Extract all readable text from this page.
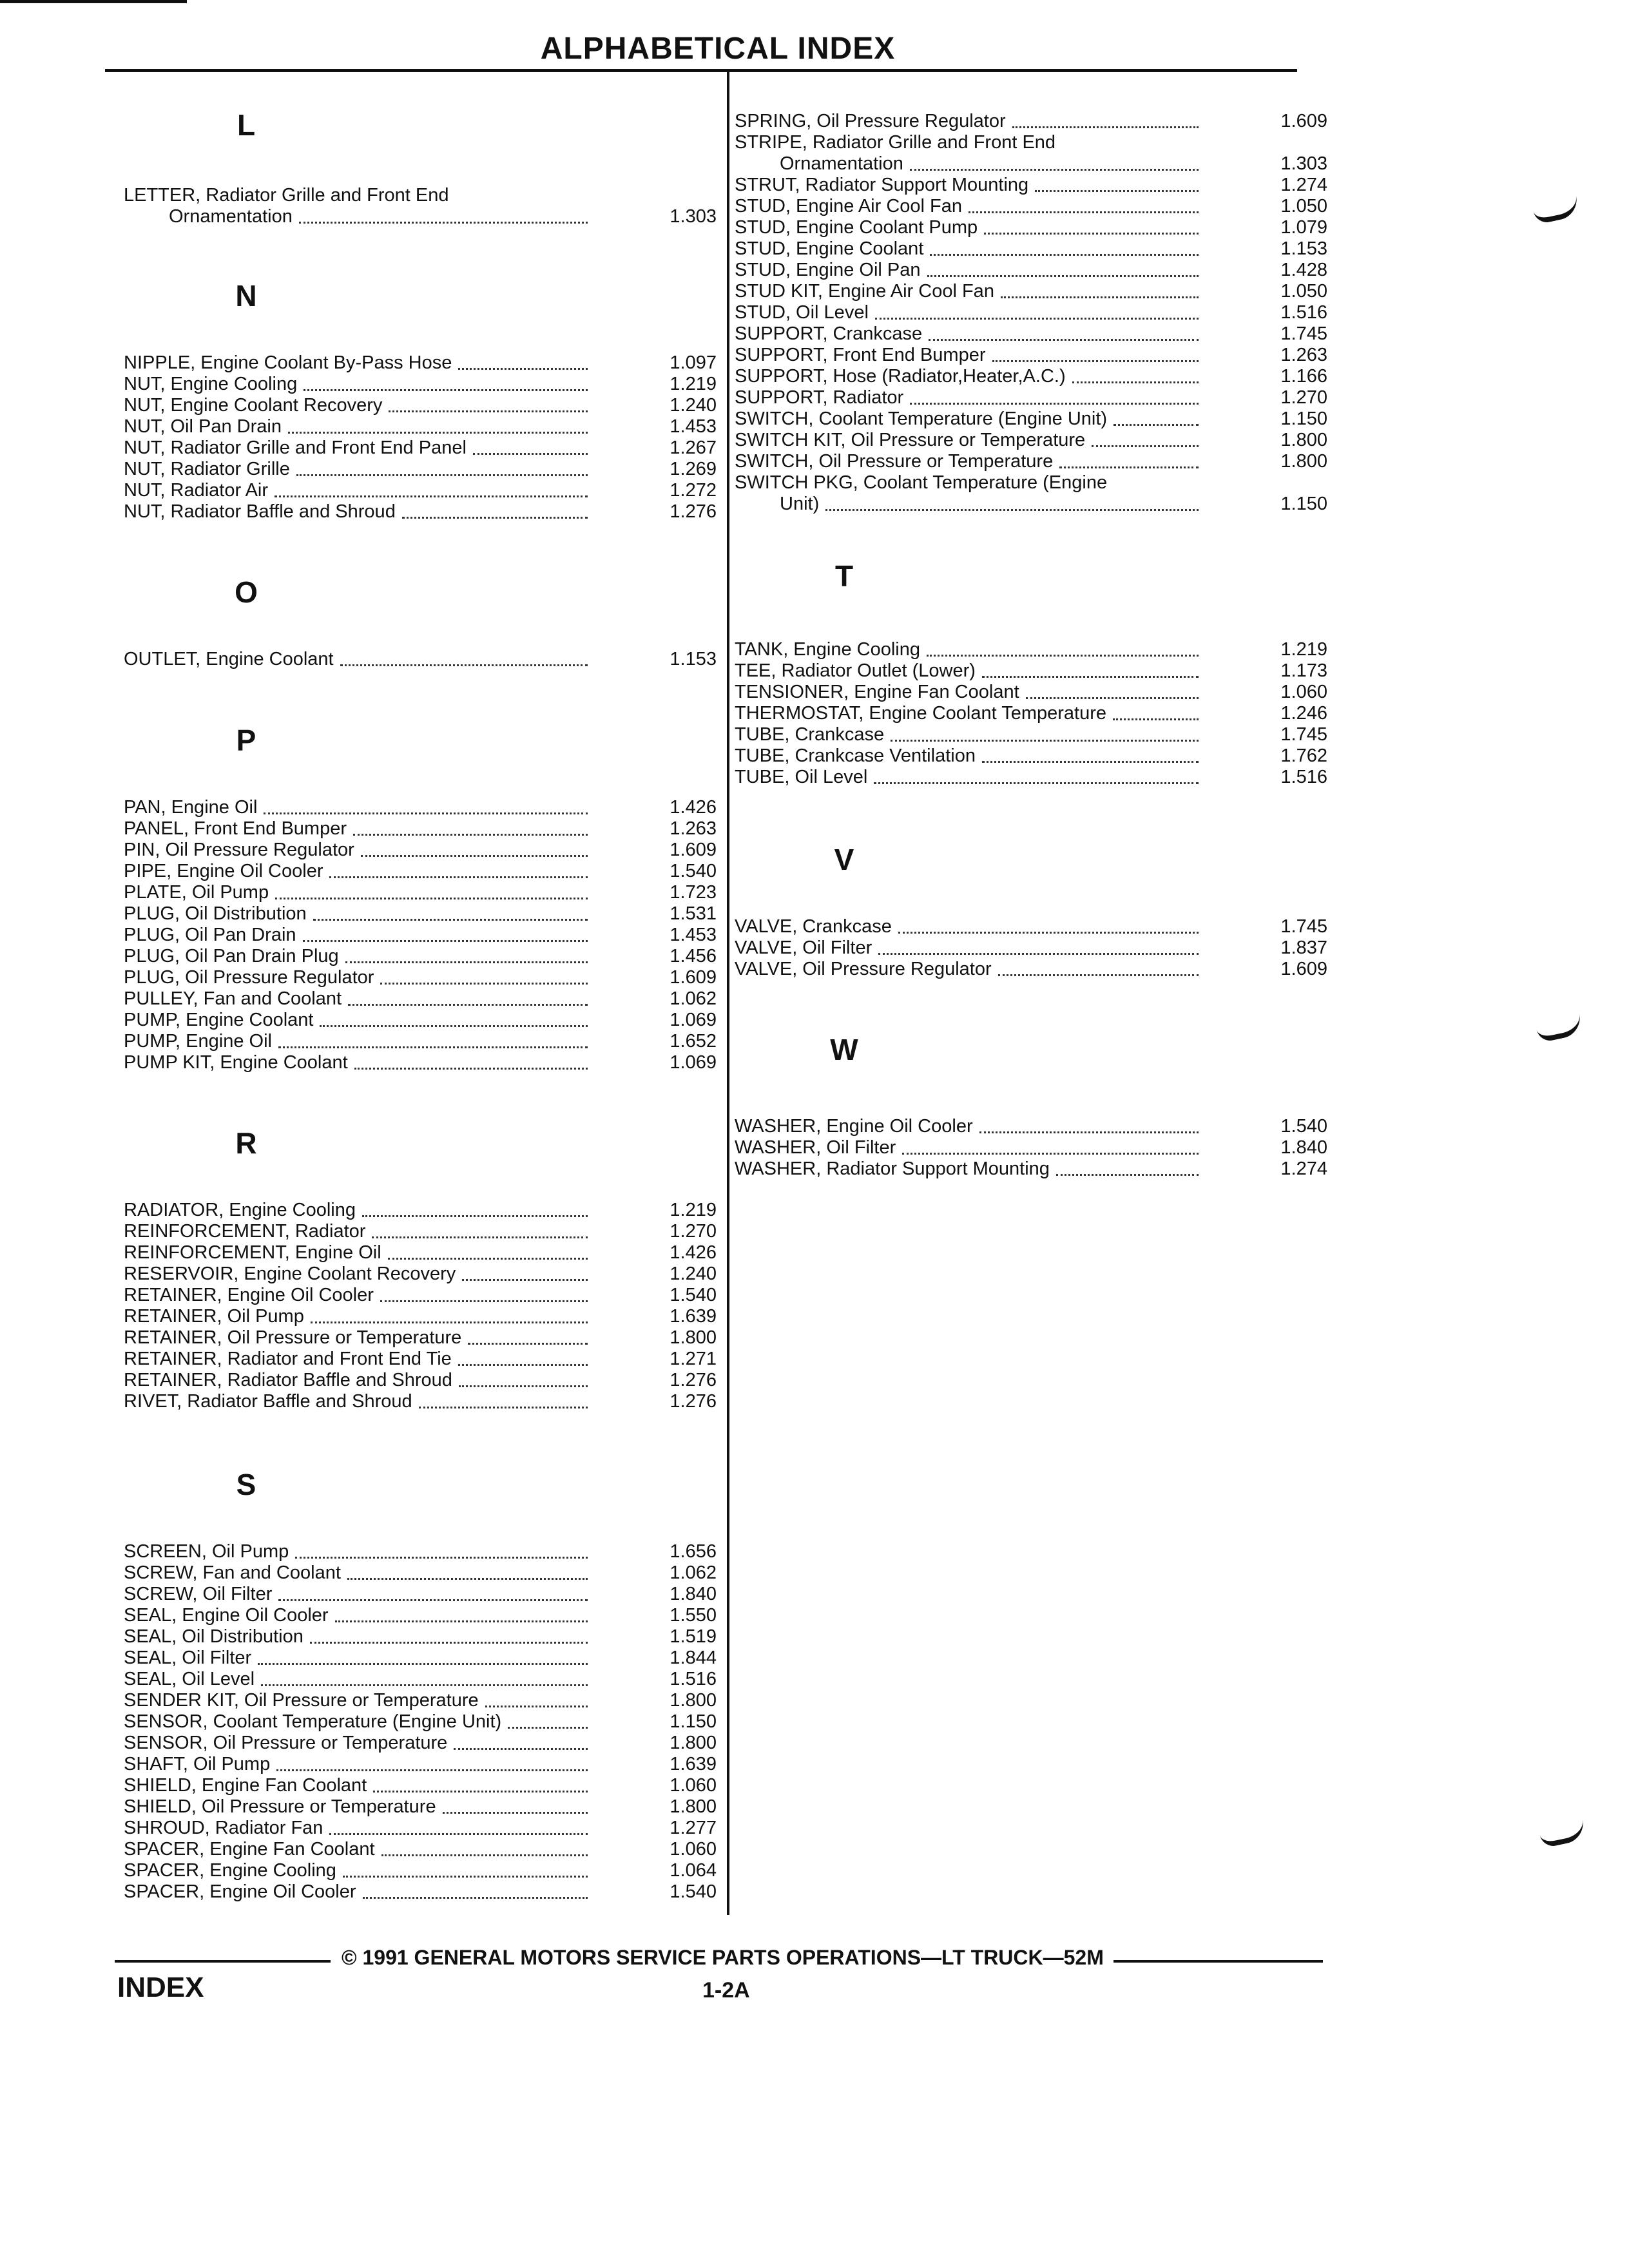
ALPHABETICAL INDEX
L
LETTER, Radiator Grille and Front End
Ornamentation	1.303
N
NIPPLE, Engine Coolant By-Pass Hose	1.097
NUT, Engine Cooling	1.219
NUT, Engine Coolant Recovery	1.240
NUT, Oil Pan Drain	1.453
NUT, Radiator Grille and Front End Panel	1.267
NUT, Radiator Grille	1.269
NUT, Radiator Air	1.272
NUT, Radiator Baffle and Shroud	1.276
O
OUTLET, Engine Coolant	1.153
P
PAN, Engine Oil	1.426
PANEL, Front End Bumper	1.263
PIN, Oil Pressure Regulator	1.609
PIPE, Engine Oil Cooler	1.540
PLATE, Oil Pump	1.723
PLUG, Oil Distribution	1.531
PLUG, Oil Pan Drain	1.453
PLUG, Oil Pan Drain Plug	1.456
PLUG, Oil Pressure Regulator	1.609
PULLEY, Fan and Coolant	1.062
PUMP, Engine Coolant	1.069
PUMP, Engine Oil	1.652
PUMP KIT, Engine Coolant	1.069
R
RADIATOR, Engine Cooling	1.219
REINFORCEMENT, Radiator	1.270
REINFORCEMENT, Engine Oil	1.426
RESERVOIR, Engine Coolant Recovery	1.240
RETAINER, Engine Oil Cooler	1.540
RETAINER, Oil Pump	1.639
RETAINER, Oil Pressure or Temperature	1.800
RETAINER, Radiator and Front End Tie	1.271
RETAINER, Radiator Baffle and Shroud	1.276
RIVET, Radiator Baffle and Shroud	1.276
S
SCREEN, Oil Pump	1.656
SCREW, Fan and Coolant	1.062
SCREW, Oil Filter	1.840
SEAL, Engine Oil Cooler	1.550
SEAL, Oil Distribution	1.519
SEAL, Oil Filter	1.844
SEAL, Oil Level	1.516
SENDER KIT, Oil Pressure or Temperature	1.800
SENSOR, Coolant Temperature (Engine Unit)	1.150
SENSOR, Oil Pressure or Temperature	1.800
SHAFT, Oil Pump	1.639
SHIELD, Engine Fan Coolant	1.060
SHIELD, Oil Pressure or Temperature	1.800
SHROUD, Radiator Fan	1.277
SPACER, Engine Fan Coolant	1.060
SPACER, Engine Cooling	1.064
SPACER, Engine Oil Cooler	1.540
SPRING, Oil Pressure Regulator	1.609
STRIPE, Radiator Grille and Front End
Ornamentation	1.303
STRUT, Radiator Support Mounting	1.274
STUD, Engine Air Cool Fan	1.050
STUD, Engine Coolant Pump	1.079
STUD, Engine Coolant	1.153
STUD, Engine Oil Pan	1.428
STUD KIT, Engine Air Cool Fan	1.050
STUD, Oil Level	1.516
SUPPORT, Crankcase	1.745
SUPPORT, Front End Bumper	1.263
SUPPORT, Hose (Radiator,Heater,A.C.)	1.166
SUPPORT, Radiator	1.270
SWITCH, Coolant Temperature (Engine Unit)	1.150
SWITCH KIT, Oil Pressure or Temperature	1.800
SWITCH, Oil Pressure or Temperature	1.800
SWITCH PKG, Coolant Temperature (Engine
Unit)	1.150
T
TANK, Engine Cooling	1.219
TEE, Radiator Outlet (Lower)	1.173
TENSIONER, Engine Fan Coolant	1.060
THERMOSTAT, Engine Coolant Temperature	1.246
TUBE, Crankcase	1.745
TUBE, Crankcase Ventilation	1.762
TUBE, Oil Level	1.516
V
VALVE, Crankcase	1.745
VALVE, Oil Filter	1.837
VALVE, Oil Pressure Regulator	1.609
W
WASHER, Engine Oil Cooler	1.540
WASHER, Oil Filter	1.840
WASHER, Radiator Support Mounting	1.274
© 1991 GENERAL MOTORS SERVICE PARTS OPERATIONS—LT TRUCK—52M
INDEX	1-2A
